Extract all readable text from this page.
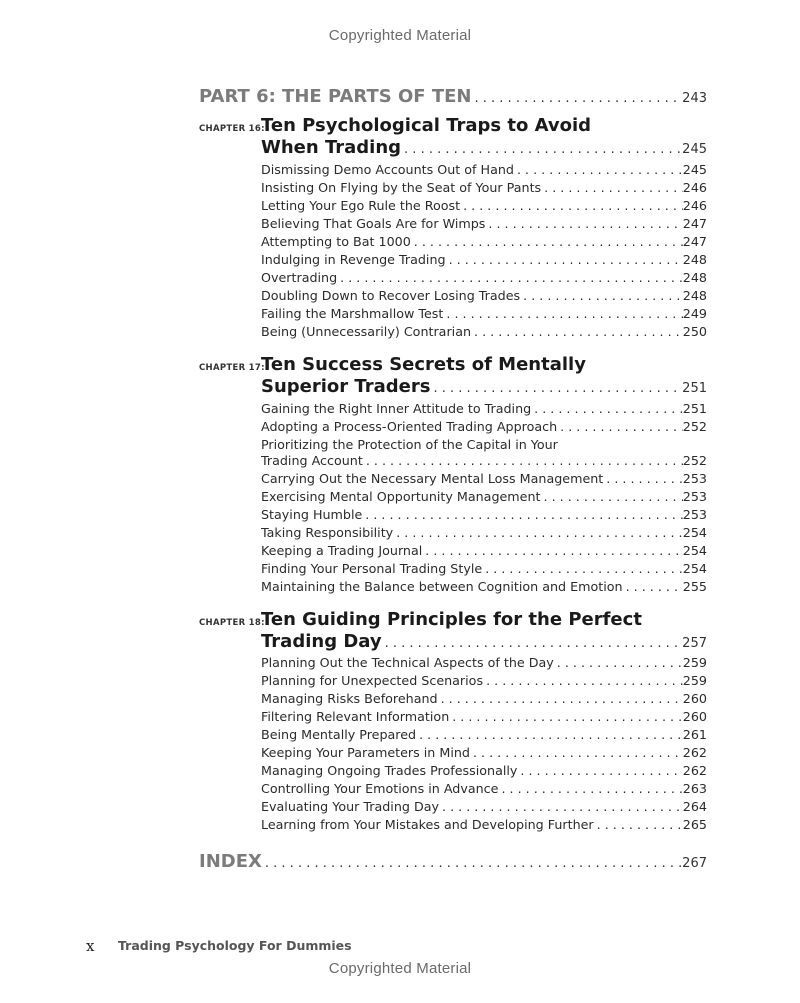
Copyrighted Material
PART 6: THE PARTS OF TEN . . .	243
CHAPTER 16:
Ten Psychological Traps to Avoid
When Trading . . .	245
Dismissing Demo Accounts Out of Hand . . .	245
Insisting On Flying by the Seat of Your Pants . . .	246
Letting Your Ego Rule the Roost . . .	246
Believing That Goals Are for Wimps . . .	247
Attempting to Bat 1000 . . .	247
Indulging in Revenge Trading . . .	248
Overtrading . . .	248
Doubling Down to Recover Losing Trades . . .	248
Failing the Marshmallow Test . . .	249
Being (Unnecessarily) Contrarian . . .	250
CHAPTER 17:
Ten Success Secrets of Mentally
Superior Traders . . .	251
Gaining the Right Inner Attitude to Trading . . .	251
Adopting a Process-Oriented Trading Approach . . .	252
Prioritizing the Protection of the Capital in Your
Trading Account . . .	252
Carrying Out the Necessary Mental Loss Management . . .	253
Exercising Mental Opportunity Management . . .	253
Staying Humble . . .	253
Taking Responsibility . . .	254
Keeping a Trading Journal . . .	254
Finding Your Personal Trading Style . . .	254
Maintaining the Balance between Cognition and Emotion . . .	255
CHAPTER 18:
Ten Guiding Principles for the Perfect
Trading Day . . .	257
Planning Out the Technical Aspects of the Day . . .	259
Planning for Unexpected Scenarios . . .	259
Managing Risks Beforehand . . .	260
Filtering Relevant Information . . .	260
Being Mentally Prepared . . .	261
Keeping Your Parameters in Mind . . .	262
Managing Ongoing Trades Professionally . . .	262
Controlling Your Emotions in Advance . . .	263
Evaluating Your Trading Day . . .	264
Learning from Your Mistakes and Developing Further . . .	265
INDEX . . .	267
x Trading Psychology For Dummies
Copyrighted Material
